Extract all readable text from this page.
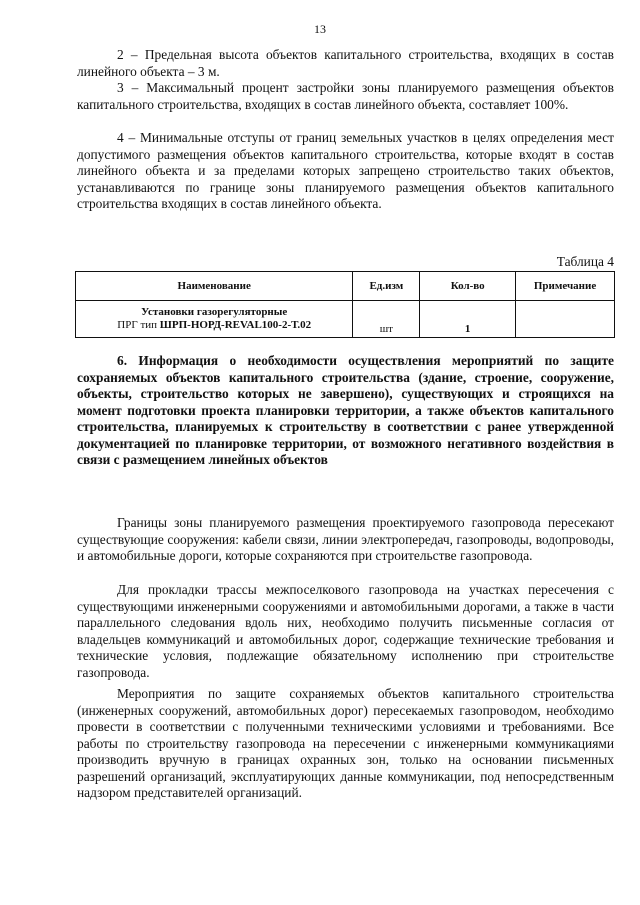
13

2 – Предельная высота объектов капитального строительства, входящих в состав линейного объекта – 3 м.

3 – Максимальный процент застройки зоны планируемого размещения объектов капитального строительства, входящих в состав линейного объекта, составляет 100%.

4 – Минимальные отступы от границ земельных участков в целях определения мест допустимого размещения объектов капитального строительства, которые входят в состав линейного объекта и за пределами которых запрещено строительство таких объектов, устанавливаются по границе зоны планируемого размещения объектов капитального строительства входящих в состав линейного объекта.

Таблица 4
Наименование	Ед.изм	Кол-во	Примечание
Установки газорегуляторные
ПРГ тип ШРП-НОРД-REVAL100-2-Т.02	шт	1	

6. Информация о необходимости осуществления мероприятий по защите сохраняемых объектов капитального строительства (здание, строение, сооружение, объекты, строительство которых не завершено), существующих и строящихся на момент подготовки проекта планировки территории, а также объектов капитального строительства, планируемых к строительству в соответствии с ранее утвержденной документацией по планировке территории, от возможного негативного воздействия в связи с размещением линейных объектов

Границы зоны планируемого размещения проектируемого газопровода пересекают существующие сооружения: кабели связи, линии электропередач, газопроводы, водопроводы, и автомобильные дороги, которые сохраняются при строительстве газопровода.

Для прокладки трассы межпоселкового газопровода на участках пересечения с существующими инженерными сооружениями и автомобильными дорогами, а также в части параллельного следования вдоль них, необходимо получить письменные согласия от владельцев коммуникаций и автомобильных дорог, содержащие технические требования и технические условия, подлежащие обязательному исполнению при строительстве газопровода.

Мероприятия по защите сохраняемых объектов капитального строительства (инженерных сооружений, автомобильных дорог) пересекаемых газопроводом, необходимо провести в соответствии с полученными техническими условиями и требованиями. Все работы по строительству газопровода на пересечении с инженерными коммуникациями производить вручную в границах охранных зон, только на основании письменных разрешений организаций, эксплуатирующих данные коммуникации, под непосредственным надзором представителей организаций.
